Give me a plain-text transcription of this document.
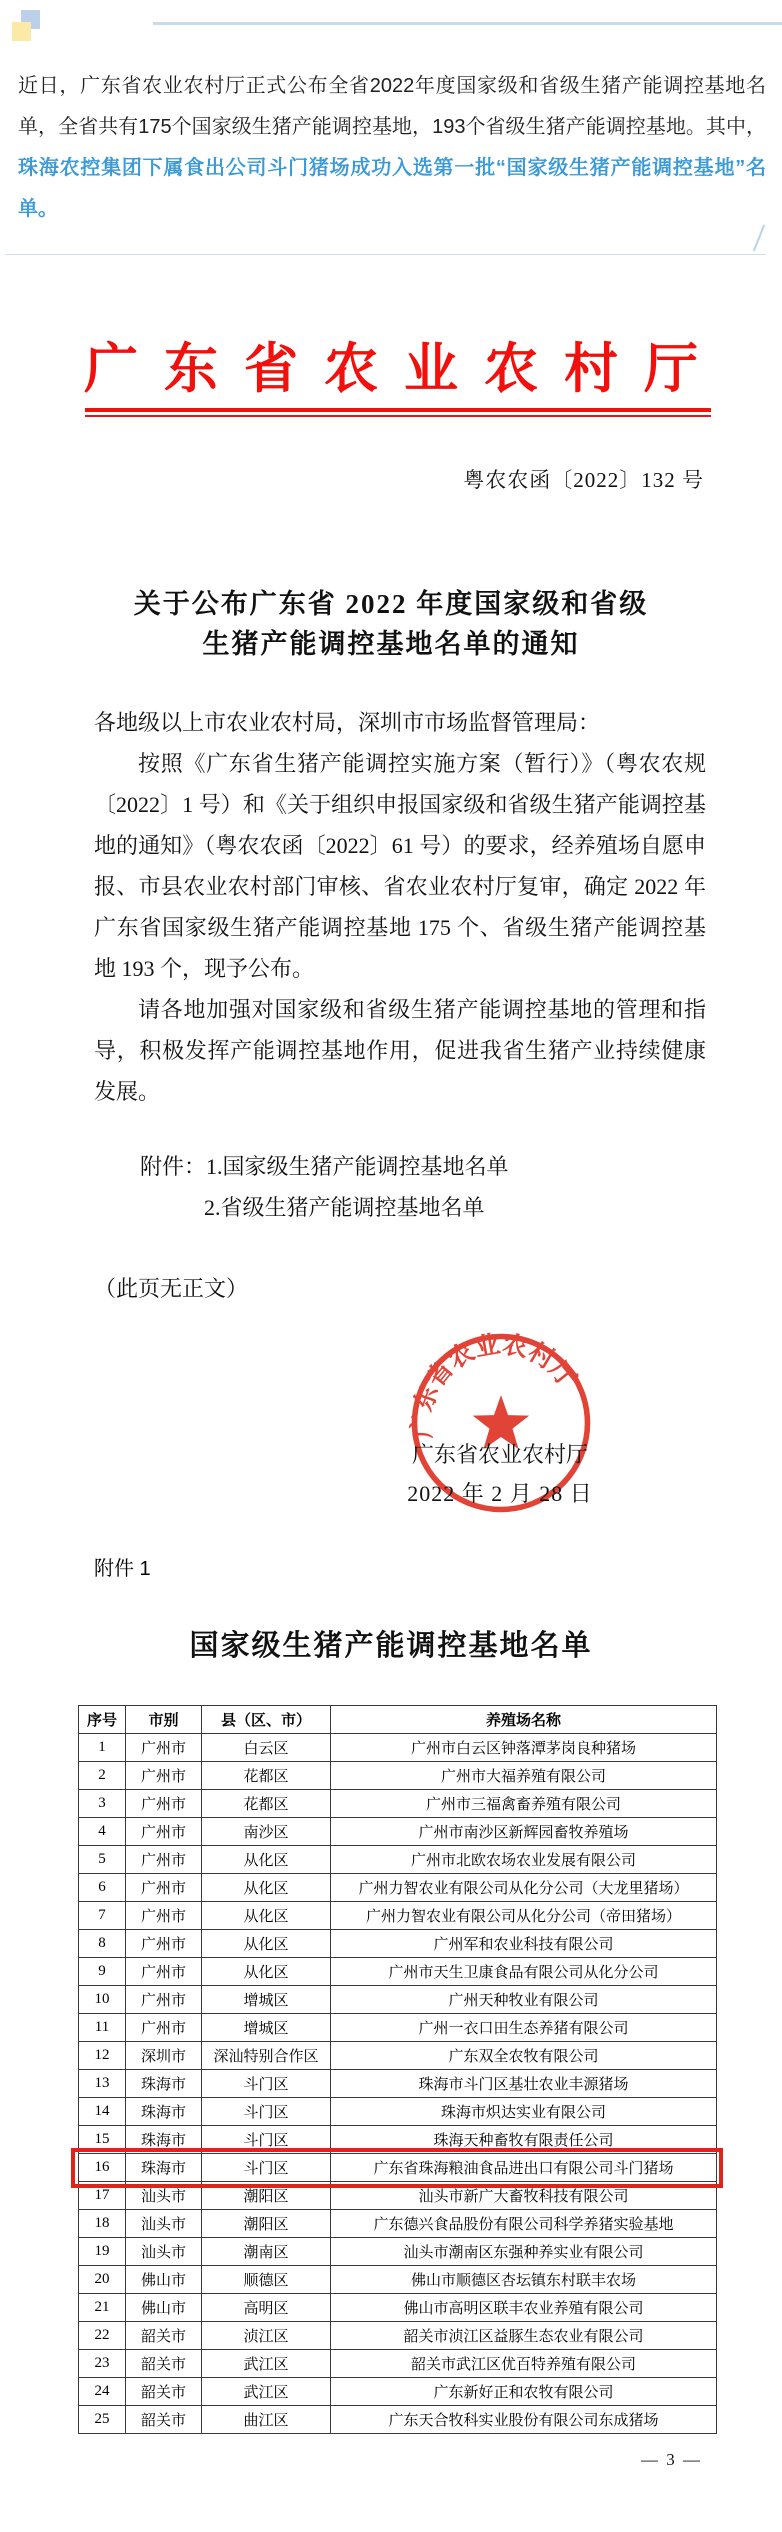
近日，广东省农业农村厅正式公布全省2022年度国家级和省级生猪产能调控基地名单，全省共有175个国家级生猪产能调控基地，193个省级生猪产能调控基地。其中，珠海农控集团下属食出公司斗门猪场成功入选第一批“国家级生猪产能调控基地”名单。
广东省农业农村厅
粤农农函〔2022〕132 号
关于公布广东省 2022 年度国家级和省级
生猪产能调控基地名单的通知

各地级以上市农业农村局，深圳市市场监督管理局：

按照《广东省生猪产能调控实施方案（暂行）》（粤农农规〔2022〕1 号）和《关于组织申报国家级和省级生猪产能调控基地的通知》（粤农农函〔2022〕61 号）的要求，经养殖场自愿申报、市县农业农村部门审核、省农业农村厅复审，确定 2022 年广东省国家级生猪产能调控基地 175 个、省级生猪产能调控基地 193 个，现予公布。

请各地加强对国家级和省级生猪产能调控基地的管理和指导，积极发挥产能调控基地作用，促进我省生猪产业持续健康发展。

附件：1.国家级生猪产能调控基地名单
2.省级生猪产能调控基地名单
（此页无正文）
广东省农业农村厅
广东省农业农村厅
2022 年 2 月 28 日
附件 1
国家级生猪产能调控基地名单
序号	市别	县（区、市）	养殖场名称
1	广州市	白云区	广州市白云区钟落潭茅岗良种猪场
2	广州市	花都区	广州市大福养殖有限公司
3	广州市	花都区	广州市三福禽畜养殖有限公司
4	广州市	南沙区	广州市南沙区新辉园畜牧养殖场
5	广州市	从化区	广州市北欧农场农业发展有限公司
6	广州市	从化区	广州力智农业有限公司从化分公司（大龙里猪场）
7	广州市	从化区	广州力智农业有限公司从化分公司（帝田猪场）
8	广州市	从化区	广州军和农业科技有限公司
9	广州市	从化区	广州市天生卫康食品有限公司从化分公司
10	广州市	增城区	广州天种牧业有限公司
11	广州市	增城区	广州一衣口田生态养猪有限公司
12	深圳市	深汕特别合作区	广东双全农牧有限公司
13	珠海市	斗门区	珠海市斗门区基壮农业丰源猪场
14	珠海市	斗门区	珠海市炽达实业有限公司
15	珠海市	斗门区	珠海天种畜牧有限责任公司
16	珠海市	斗门区	广东省珠海粮油食品进出口有限公司斗门猪场
17	汕头市	潮阳区	汕头市新广大畜牧科技有限公司
18	汕头市	潮阳区	广东德兴食品股份有限公司科学养猪实验基地
19	汕头市	潮南区	汕头市潮南区东强种养实业有限公司
20	佛山市	顺德区	佛山市顺德区杏坛镇东村联丰农场
21	佛山市	高明区	佛山市高明区联丰农业养殖有限公司
22	韶关市	浈江区	韶关市浈江区益豚生态农业有限公司
23	韶关市	武江区	韶关市武江区优百特养殖有限公司
24	韶关市	武江区	广东新好正和农牧有限公司
25	韶关市	曲江区	广东天合牧科实业股份有限公司东成猪场
— 3 —
